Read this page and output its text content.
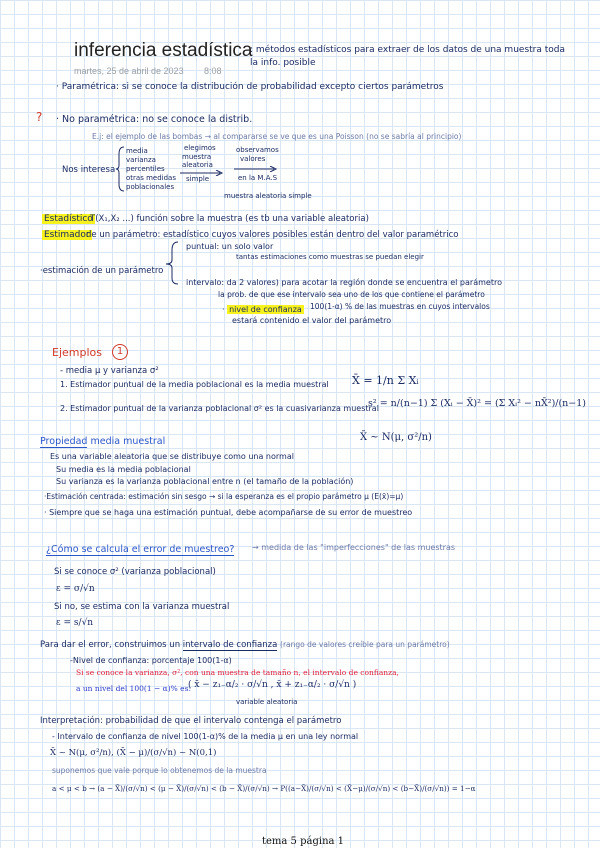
inferencia estadística
: métodos estadísticos para extraer de los datos de una muestra toda la info. posible
martes, 25 de abril de 2023 8:08
· Paramétrica: si se conoce la distribución de probabilidad excepto ciertos parámetros
? · No paramétrica: no se conoce la distrib.
E.j: el ejemplo de las bombas → al compararse se ve que es una Poisson (no se sabría al principio)
Nos interesa
media
varianza
percentiles
otras medidas
poblacionales
elegimos
muestra aleatoria
simple
observamos
valores
en la M.A.S
muestra aleatoria simple
Estadístico
T(X₁,X₂ ...) función sobre la muestra (es tb una variable aleatoria)
Estimador
de un parámetro: estadístico cuyos valores posibles están dentro del valor paramétrico
·estimación de un parámetro
puntual: un solo valor
tantas estimaciones como muestras se puedan elegir
intervalo: da 2 valores) para acotar la región donde se encuentra el parámetro
la prob. de que ese intervalo sea uno de los que contiene el parámetro
· nivel de confianza 100(1-α) % de las muestras en cuyos intervalos
estará contenido el valor del parámetro
Ejemplos	1
- media μ y varianza σ²
1. Estimador puntual de la media poblacional es la media muestral X̄ = 1/n Σ Xᵢ
2. Estimador puntual de la varianza poblacional σ² es la cuasivarianza muestral
s² = n/(n−1) Σ (Xᵢ − X̄)² = (Σ Xᵢ² − nX̄²)/(n−1)
Propiedad media muestral	X̄ ~ N(μ, σ²/n)
Es una variable aleatoria que se distribuye como una normal
Su media es la media poblacional
Su varianza es la varianza poblacional entre n (el tamaño de la población)
·Estimación centrada: estimación sin sesgo → si la esperanza es el propio parámetro μ (E(x̄)=μ)
· Siempre que se haga una estimación puntual, debe acompañarse de su error de muestreo
¿Cómo se calcula el error de muestreo? → medida de las "imperfecciones" de las muestras
Si se conoce σ² (varianza poblacional)
ε = σ/√n
Si no, se estima con la varianza muestral
ε = s/√n
Para dar el error, construimos un intervalo de confianza (rango de valores creíble para un parámetro)
-Nivel de confianza: porcentaje 100(1-α)
Si se conoce la varianza, σ², con una muestra de tamaño n, el intervalo de confianza,
a un nivel del 100(1 − α)% es:
( x̄ − z₁₋α/₂ · σ/√n , x̄ + z₁₋α/₂ · σ/√n )
variable aleatoria
Interpretación: probabilidad de que el intervalo contenga el parámetro
- Intervalo de confianza de nivel 100(1-α)% de la media μ en una ley normal
X̄ ~ N(μ, σ²/n), (X̄ − μ)/(σ/√n) ~ N(0,1)
suponemos que vale porque lo obtenemos de la muestra
a < μ < b → (a − X̄)/(σ/√n) < (μ − X̄)/(σ/√n) < (b − X̄)/(σ/√n) → P((a−X̄)/(σ/√n) < (X̄−μ)/(σ/√n) < (b−X̄)/(σ/√n)) = 1−α
tema 5 página 1
